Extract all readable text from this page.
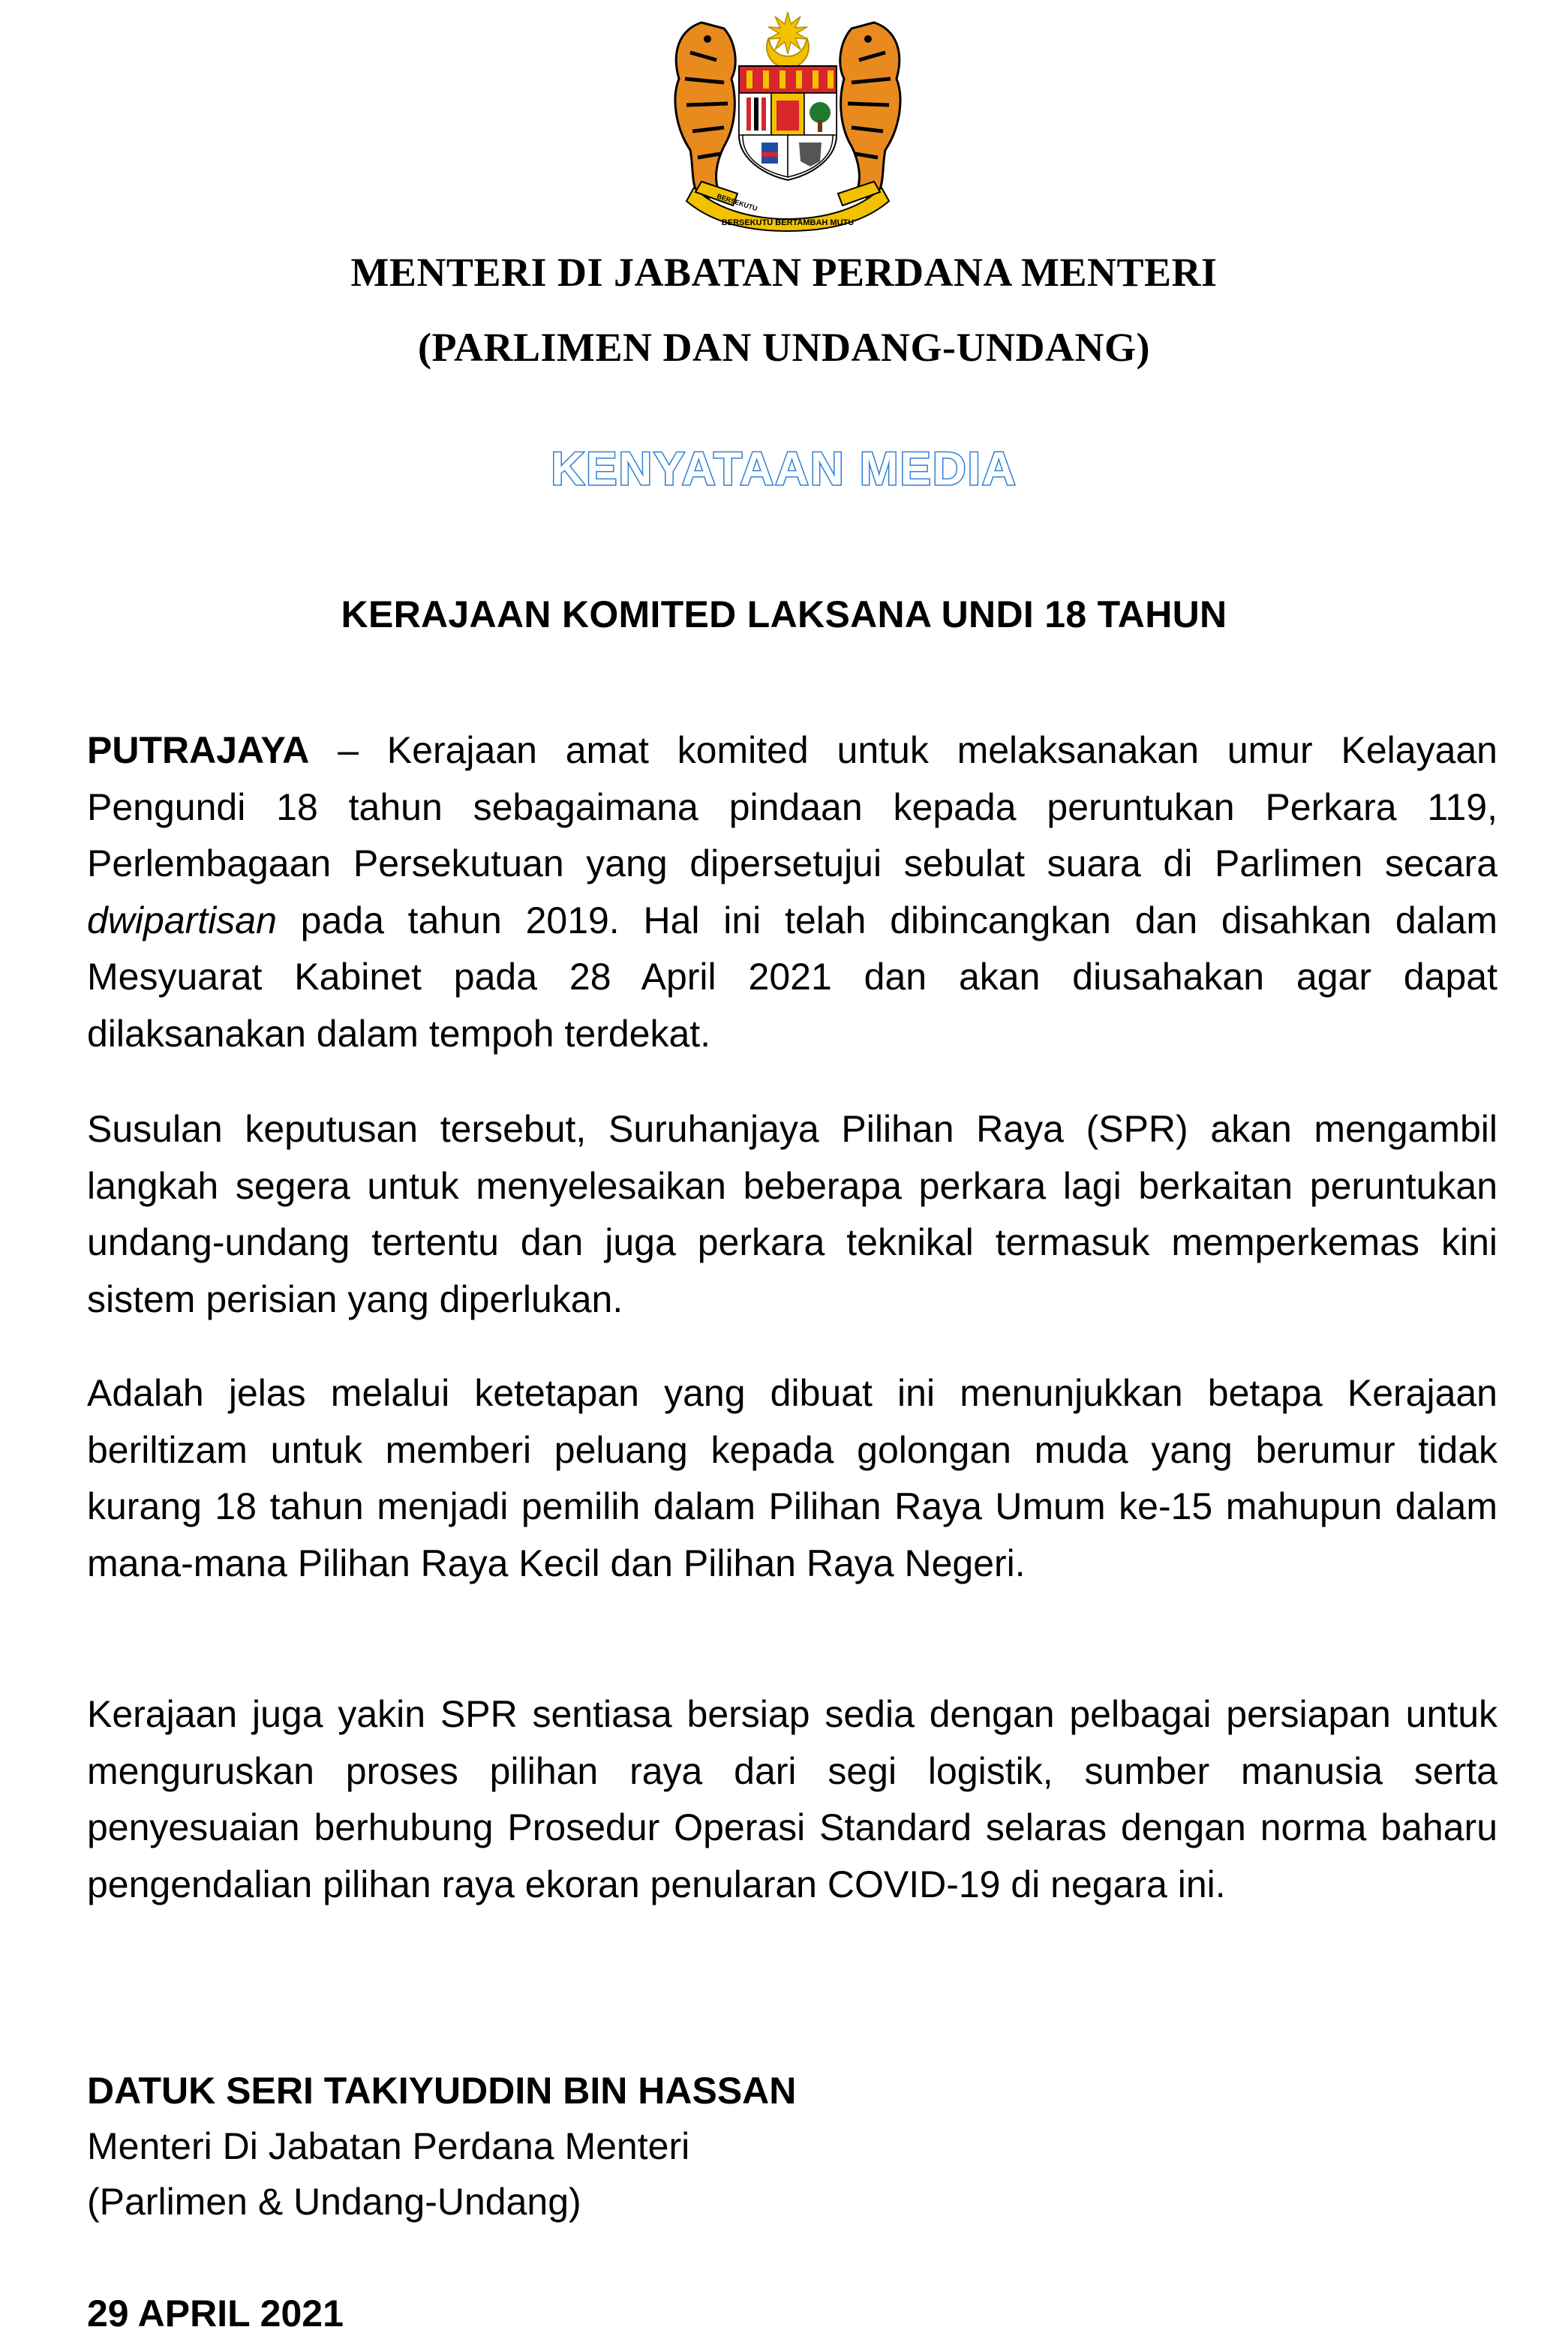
BERSEKUTU
BERSEKUTU BERTAMBAH MUTU
MENTERI DI JABATAN PERDANA MENTERI
(PARLIMEN DAN UNDANG-UNDANG)
KENYATAAN MEDIA
KERAJAAN KOMITED LAKSANA UNDI 18 TAHUN

PUTRAJAYA – Kerajaan amat komited untuk melaksanakan umur Kelayaan Pengundi 18 tahun sebagaimana pindaan kepada peruntukan Perkara 119, Perlembagaan Persekutuan yang dipersetujui sebulat suara di Parlimen secara dwipartisan pada tahun 2019. Hal ini telah dibincangkan dan disahkan dalam Mesyuarat Kabinet pada 28 April 2021 dan akan diusahakan agar dapat dilaksanakan dalam tempoh terdekat.

Susulan keputusan tersebut, Suruhanjaya Pilihan Raya (SPR) akan mengambil langkah segera untuk menyelesaikan beberapa perkara lagi berkaitan peruntukan undang-undang tertentu dan juga perkara teknikal termasuk memperkemas kini sistem perisian yang diperlukan.

Adalah jelas melalui ketetapan yang dibuat ini menunjukkan betapa Kerajaan beriltizam untuk memberi peluang kepada golongan muda yang berumur tidak kurang 18 tahun menjadi pemilih dalam Pilihan Raya Umum ke-15 mahupun dalam mana-mana Pilihan Raya Kecil dan Pilihan Raya Negeri.

Kerajaan juga yakin SPR sentiasa bersiap sedia dengan pelbagai persiapan untuk menguruskan proses pilihan raya dari segi logistik, sumber manusia serta penyesuaian berhubung Prosedur Operasi Standard selaras dengan norma baharu pengendalian pilihan raya ekoran penularan COVID-19 di negara ini.

DATUK SERI TAKIYUDDIN BIN HASSAN
Menteri Di Jabatan Perdana Menteri
(Parlimen & Undang-Undang)
29 APRIL 2021
